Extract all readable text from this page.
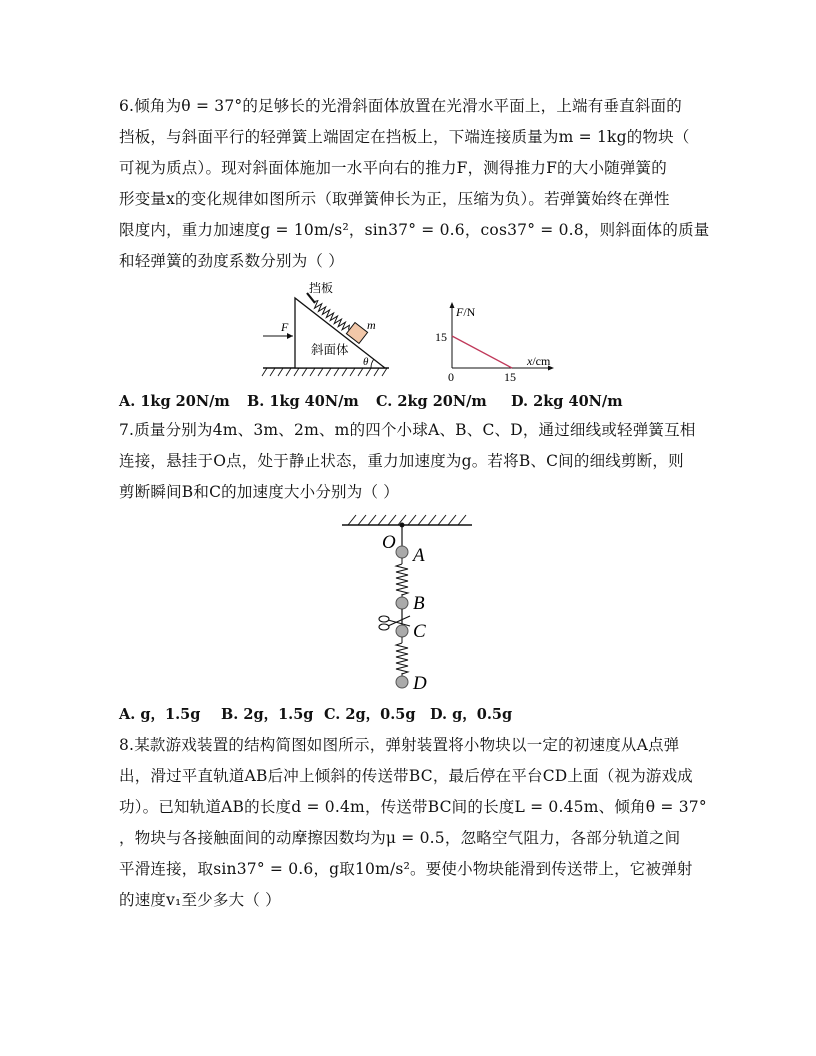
6.倾角为θ = 37°的足够长的光滑斜面体放置在光滑水平面上，上端有垂直斜面的
挡板，与斜面平行的轻弹簧上端固定在挡板上，下端连接质量为m = 1kg的物块（
可视为质点）。现对斜面体施加一水平向右的推力F，测得推力F的大小随弹簧的
形变量x的变化规律如图所示（取弹簧伸长为正，压缩为负）。若弹簧始终在弹性
限度内，重力加速度g = 10m/s²，sin37° = 0.6，cos37° = 0.8，则斜面体的质量
和轻弹簧的劲度系数分别为（ ）
挡板
F	m
斜面体
θ
F/N
x/cm
15
0	15
A. 1kg 20N/m B. 1kg 40N/m C. 2kg 20N/m D. 2kg 40N/m
7.质量分别为4m、3m、2m、m的四个小球A、B、C、D，通过细线或轻弹簧互相
连接，悬挂于O点，处于静止状态，重力加速度为g。若将B、C间的细线剪断，则
剪断瞬间B和C的加速度大小分别为（ ）
O
A
B
C
D
A. g，1.5g B. 2g，1.5g C. 2g，0.5g D. g，0.5g
8.某款游戏装置的结构简图如图所示，弹射装置将小物块以一定的初速度从A点弹
出，滑过平直轨道AB后冲上倾斜的传送带BC，最后停在平台CD上面（视为游戏成
功）。已知轨道AB的长度d = 0.4m，传送带BC间的长度L = 0.45m、倾角θ = 37°
，物块与各接触面间的动摩擦因数均为μ = 0.5，忽略空气阻力，各部分轨道之间
平滑连接，取sin37° = 0.6，g取10m/s²。要使小物块能滑到传送带上，它被弹射
的速度v₁至少多大（ ）
